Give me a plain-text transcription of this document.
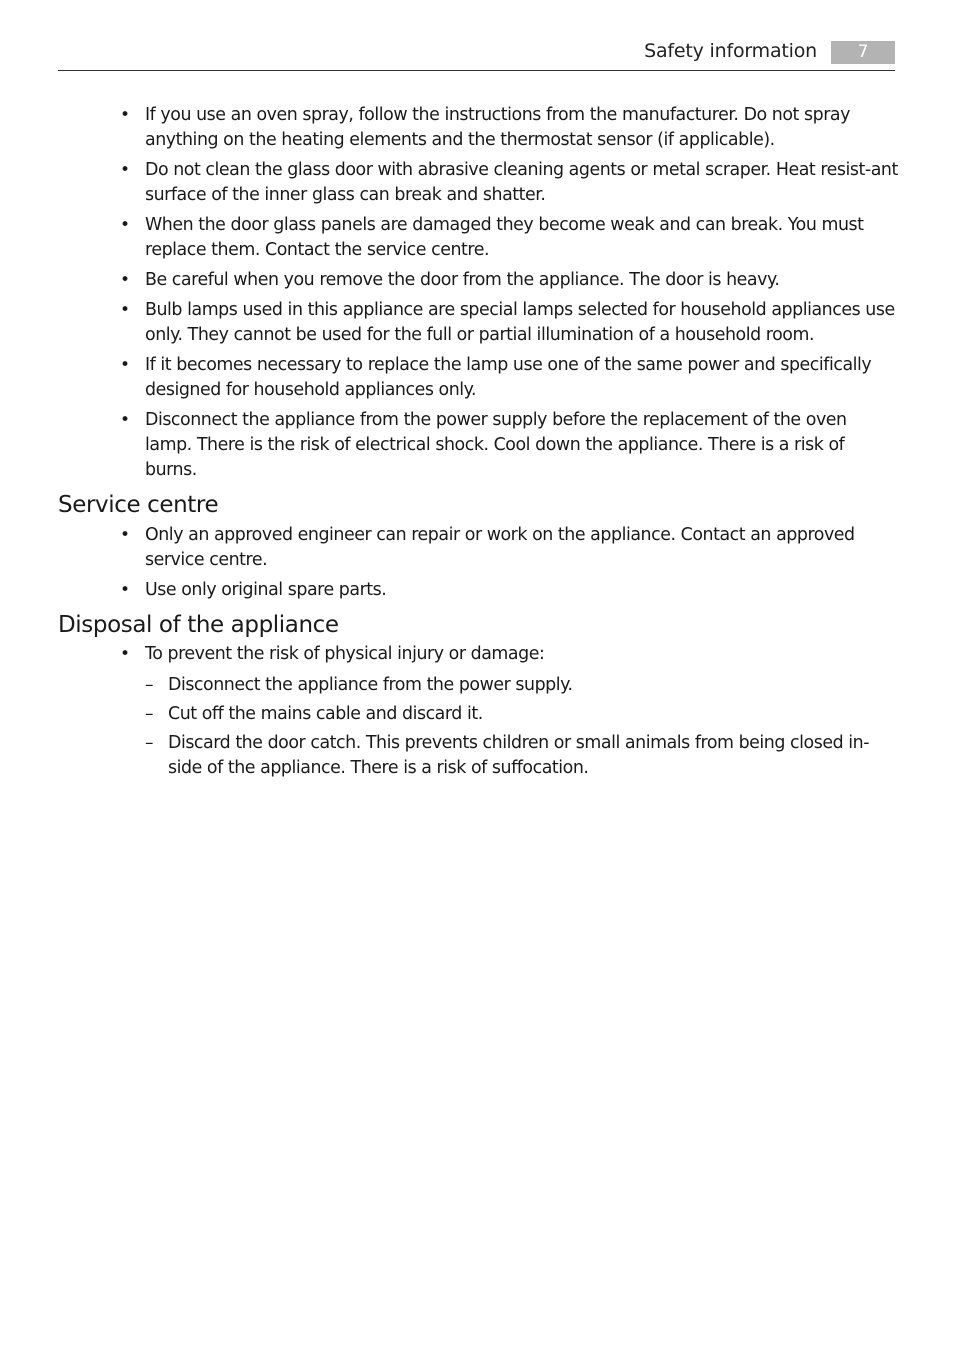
Safety information	7
• If you use an oven spray, follow the instructions from the manufacturer. Do not spray anything on the heating elements and the thermostat sensor (if applicable).
• Do not clean the glass door with abrasive cleaning agents or metal scraper. Heat resist-ant surface of the inner glass can break and shatter.
• When the door glass panels are damaged they become weak and can break. You must replace them. Contact the service centre.
• Be careful when you remove the door from the appliance. The door is heavy.
• Bulb lamps used in this appliance are special lamps selected for household appliances use only. They cannot be used for the full or partial illumination of a household room.
• If it becomes necessary to replace the lamp use one of the same power and specifically designed for household appliances only.
• Disconnect the appliance from the power supply before the replacement of the oven lamp. There is the risk of electrical shock. Cool down the appliance. There is a risk of burns.
Service centre
• Only an approved engineer can repair or work on the appliance. Contact an approved service centre.
• Use only original spare parts.
Disposal of the appliance
• To prevent the risk of physical injury or damage:
– Disconnect the appliance from the power supply.
– Cut off the mains cable and discard it.
– Discard the door catch. This prevents children or small animals from being closed in-side of the appliance. There is a risk of suffocation.
